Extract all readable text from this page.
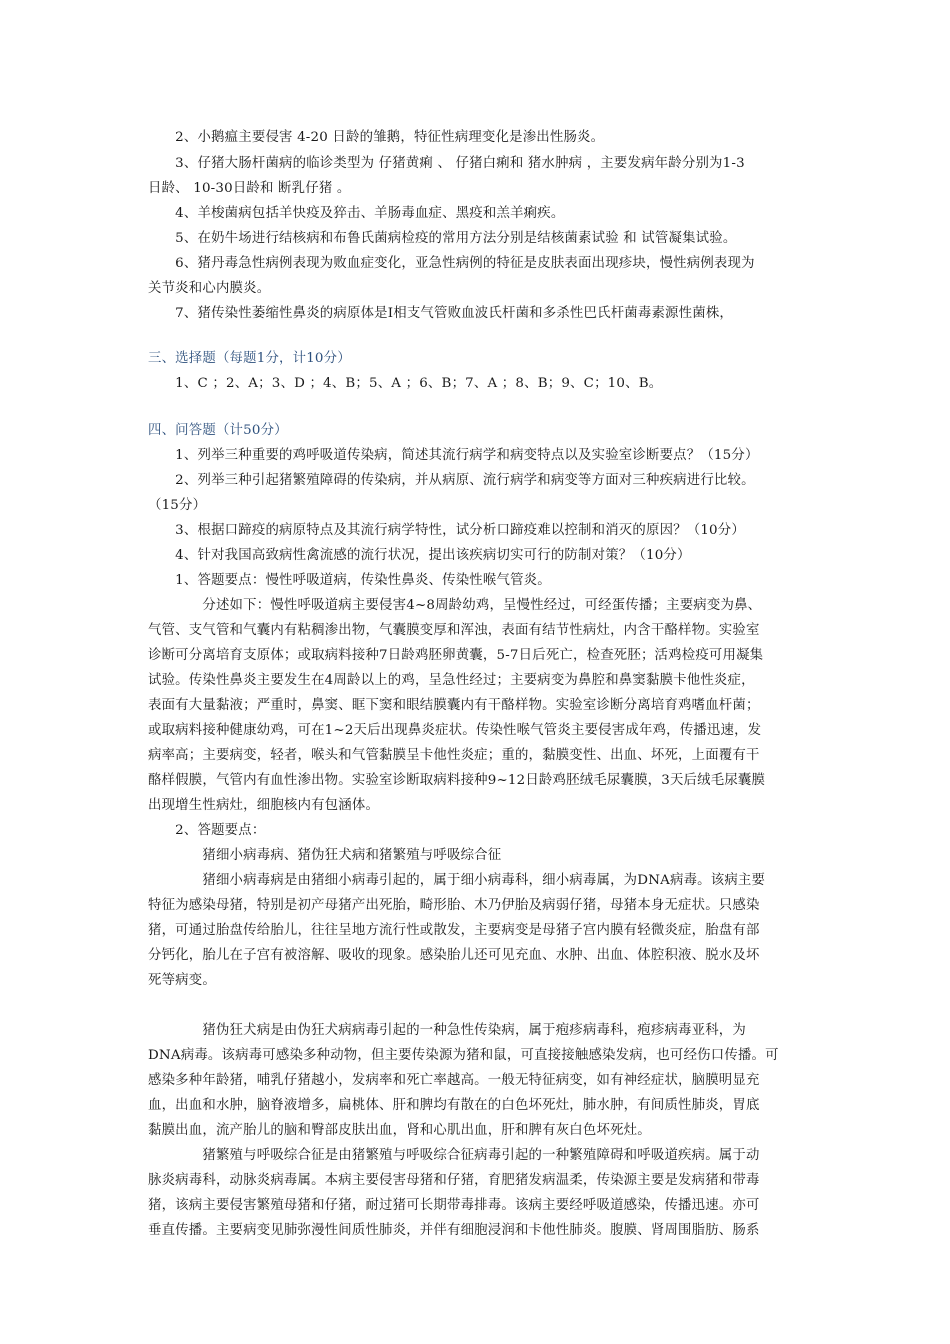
　　2、小鹅瘟主要侵害 4-20 日龄的雏鹅，特征性病理变化是渗出性肠炎。
　　3、仔猪大肠杆菌病的临诊类型为 仔猪黄痢 、 仔猪白痢和 猪水肿病 ，主要发病年龄分别为1-3
日龄、 10-30日龄和 断乳仔猪 。
　　4、羊梭菌病包括羊快疫及猝击、羊肠毒血症、黑疫和羔羊痢疾。
　　5、在奶牛场进行结核病和布鲁氏菌病检疫的常用方法分别是结核菌素试验 和 试管凝集试验。
　　6、猪丹毒急性病例表现为败血症变化，亚急性病例的特征是皮肤表面出现疹块，慢性病例表现为
关节炎和心内膜炎。
　　7、猪传染性萎缩性鼻炎的病原体是Ⅰ相支气管败血波氏杆菌和多杀性巴氏杆菌毒素源性菌株，
三、选择题（每题1分，计10分）
　　1、C ；2、A；3、D ；4、B；5、A ；6、B；7、A ；8、B；9、C；10、B。
四、问答题（计50分）
　　1、列举三种重要的鸡呼吸道传染病，简述其流行病学和病变特点以及实验室诊断要点？（15分）
　　2、列举三种引起猪繁殖障碍的传染病，并从病原、流行病学和病变等方面对三种疾病进行比较。
（15分）
　　3、根据口蹄疫的病原特点及其流行病学特性，试分析口蹄疫难以控制和消灭的原因？（10分）
　　4、针对我国高致病性禽流感的流行状况，提出该疾病切实可行的防制对策？（10分）
　　1、答题要点：慢性呼吸道病，传染性鼻炎、传染性喉气管炎。
　　　　分述如下：慢性呼吸道病主要侵害4~8周龄幼鸡，呈慢性经过，可经蛋传播；主要病变为鼻、
气管、支气管和气囊内有粘稠渗出物，气囊膜变厚和浑浊，表面有结节性病灶，内含干酪样物。实验室
诊断可分离培育支原体；或取病料接种7日龄鸡胚卵黄囊，5-7日后死亡，检查死胚；活鸡检疫可用凝集
试验。传染性鼻炎主要发生在4周龄以上的鸡，呈急性经过；主要病变为鼻腔和鼻窦黏膜卡他性炎症，
表面有大量黏液；严重时，鼻窦、眶下窦和眼结膜囊内有干酪样物。实验室诊断分离培育鸡嗜血杆菌；
或取病料接种健康幼鸡，可在1~2天后出现鼻炎症状。传染性喉气管炎主要侵害成年鸡，传播迅速，发
病率高；主要病变，轻者，喉头和气管黏膜呈卡他性炎症；重的，黏膜变性、出血、坏死，上面覆有干
酪样假膜，气管内有血性渗出物。实验室诊断取病料接种9~12日龄鸡胚绒毛尿囊膜，3天后绒毛尿囊膜
出现增生性病灶，细胞核内有包涵体。
　　2、答题要点：
　　　　猪细小病毒病、猪伪狂犬病和猪繁殖与呼吸综合征
　　　　猪细小病毒病是由猪细小病毒引起的，属于细小病毒科，细小病毒属，为DNA病毒。该病主要
特征为感染母猪，特别是初产母猪产出死胎，畸形胎、木乃伊胎及病弱仔猪，母猪本身无症状。只感染
猪，可通过胎盘传给胎儿，往往呈地方流行性或散发，主要病变是母猪子宫内膜有轻微炎症，胎盘有部
分钙化，胎儿在子宫有被溶解、吸收的现象。感染胎儿还可见充血、水肿、出血、体腔积液、脱水及坏
死等病变。
　　　　猪伪狂犬病是由伪狂犬病病毒引起的一种急性传染病，属于疱疹病毒科，疱疹病毒亚科，为
DNA病毒。该病毒可感染多种动物，但主要传染源为猪和鼠，可直接接触感染发病，也可经伤口传播。可
感染多种年龄猪，哺乳仔猪越小，发病率和死亡率越高。一般无特征病变，如有神经症状，脑膜明显充
血，出血和水肿，脑脊液增多，扁桃体、肝和脾均有散在的白色坏死灶，肺水肿，有间质性肺炎，胃底
黏膜出血，流产胎儿的脑和臀部皮肤出血，肾和心肌出血，肝和脾有灰白色坏死灶。
　　　　猪繁殖与呼吸综合征是由猪繁殖与呼吸综合征病毒引起的一种繁殖障碍和呼吸道疾病。属于动
脉炎病毒科，动脉炎病毒属。本病主要侵害母猪和仔猪，育肥猪发病温柔，传染源主要是发病猪和带毒
猪，该病主要侵害繁殖母猪和仔猪，耐过猪可长期带毒排毒。该病主要经呼吸道感染，传播迅速。亦可
垂直传播。主要病变见肺弥漫性间质性肺炎，并伴有细胞浸润和卡他性肺炎。腹膜、肾周围脂肪、肠系
